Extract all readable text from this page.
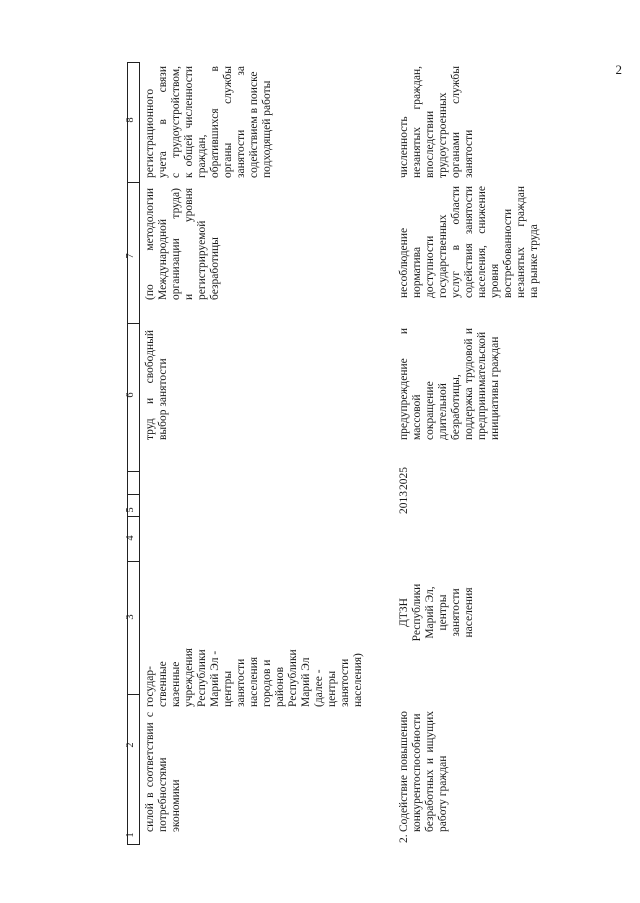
2
1
2
3
4
5
6
7
8

силой в соответствии с потребностями экономики

государ- ственные казенные учреждения Республики Марий Эл - центры занятости населения городов и районов Республики Марий Эл (далее - центры занятости населения)

труд и свободный выбор занятости

(по методологии Международной организации труда) и уровня регистрируемой безработицы

регистрационного учета в связи с трудоустройством, к общей численности граждан, обратившихся в органы службы занятости за содействием в поиске подходящей работы

2.

Содействие повышению конкурентоспособности безработных и ищущих работу граждан

ДТЗН Республики Марий Эл, центры занятости населения

2013
2025

предупреждение и массовой сокращение длительной безработицы, поддержка трудовой и предпринимательской инициативы граждан

несоблюдение норматива доступности государственных услуг в области содействия занятости населения, снижение уровня востребованности незанятых граждан на рынке труда

численность незанятых граждан, впоследствии трудоустроенных органами службы занятости
